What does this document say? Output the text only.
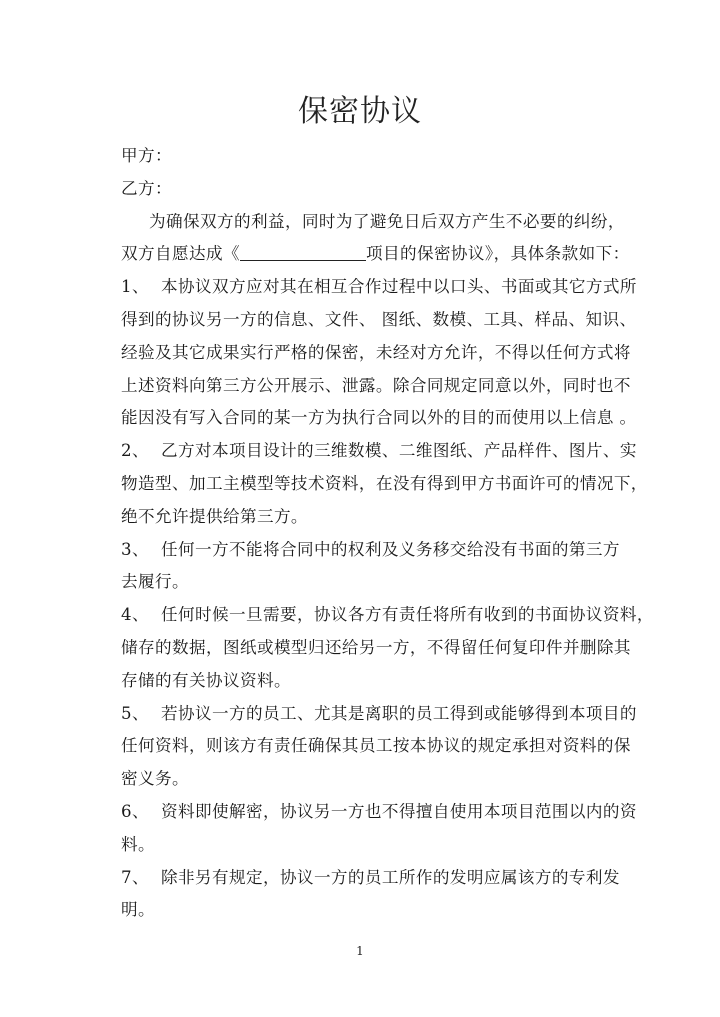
保密协议
甲方：
乙方：
为确保双方的利益，同时为了避免日后双方产生不必要的纠纷，
双方自愿达成《	项目的保密协议》，具体条款如下：
1、 本协议双方应对其在相互合作过程中以口头、书面或其它方式所
得到的协议另一方的信息、文件、 图纸、数模、工具、样品、知识、
经验及其它成果实行严格的保密，未经对方允许，不得以任何方式将
上述资料向第三方公开展示、泄露。除合同规定同意以外，同时也不
能因没有写入合同的某一方为执行合同以外的目的而使用以上信息 。
2、 乙方对本项目设计的三维数模、二维图纸、产品样件、图片、实
物造型、加工主模型等技术资料，在没有得到甲方书面许可的情况下，
绝不允许提供给第三方。
3、 任何一方不能将合同中的权利及义务移交给没有书面的第三方
去履行。
4、 任何时候一旦需要，协议各方有责任将所有收到的书面协议资料，
储存的数据，图纸或模型归还给另一方，不得留任何复印件并删除其
存储的有关协议资料。
5、 若协议一方的员工、尤其是离职的员工得到或能够得到本项目的
任何资料，则该方有责任确保其员工按本协议的规定承担对资料的保
密义务。
6、 资料即使解密，协议另一方也不得擅自使用本项目范围以内的资
料。
7、 除非另有规定，协议一方的员工所作的发明应属该方的专利发
明。
1
